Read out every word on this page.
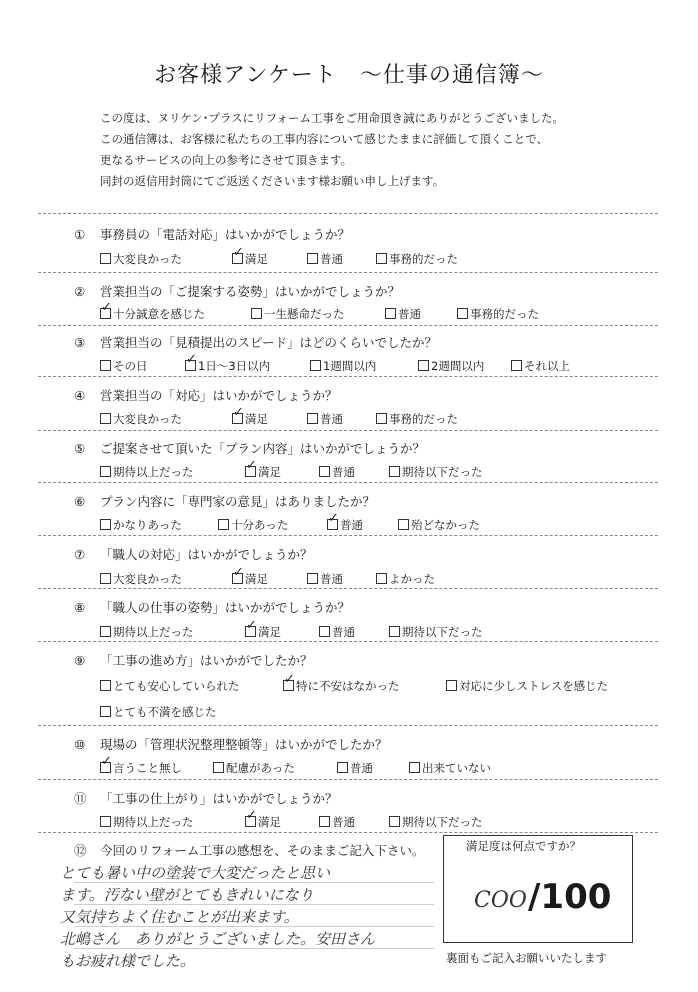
お客様アンケート　～仕事の通信簿～
この度は、ヌリケン･プラスにリフォーム工事をご用命頂き誠にありがとうございました。
この通信簿は、お客様に私たちの工事内容について感じたままに評価して頂くことで、
更なるサービスの向上の参考にさせて頂きます。
同封の返信用封筒にてご返送くださいます様お願い申し上げます。
① 事務員の「電話対応」はいかがでしょうか？
大変良かった ✓	満足	普通	事務的だった
② 営業担当の「ご提案する姿勢」はいかがでしょうか？
✓十分誠意を感じた	一生懸命だった	普通	事務的だった
③ 営業担当の「見積提出のスピード」はどのくらいでしたか？
その日 ✓	1日～3日以内	1週間以内	2週間以内	それ以上
④ 営業担当の「対応」はいかがでしょうか？
大変良かった ✓	満足	普通	事務的だった
⑤ ご提案させて頂いた「プラン内容」はいかがでしょうか？
期待以上だった ✓	満足	普通	期待以下だった
⑥ プラン内容に「専門家の意見」はありましたか？
かなりあった	十分あった ✓	普通	殆どなかった
⑦ 「職人の対応」はいかがでしょうか？
大変良かった ✓	満足	普通	よかった
⑧ 「職人の仕事の姿勢」はいかがでしょうか？
期待以上だった ✓	満足	普通	期待以下だった
⑨ 「工事の進め方」はいかがでしたか？
とても安心していられた ✓	特に不安はなかった	対応に少しストレスを感じた
とても不満を感じた
⑩ 現場の「管理状況整理整頓等」はいかがでしたか？
✓言うこと無し	配慮があった	普通	出来ていない
⑪ 「工事の仕上がり」はいかがでしょうか？
期待以上だった ✓	満足	普通	期待以下だった
⑫ 今回のリフォーム工事の感想を、そのままご記入下さい。
とても暑い中の塗装で大変だったと思い
ます。汚ない壁がとてもきれいになり
又気持ちよく住むことが出来ます。
北嶋さん　ありがとうございました。安田さん
もお疲れ様でした。
満足度は何点ですか？
COO /100
裏面もご記入お願いいたします
